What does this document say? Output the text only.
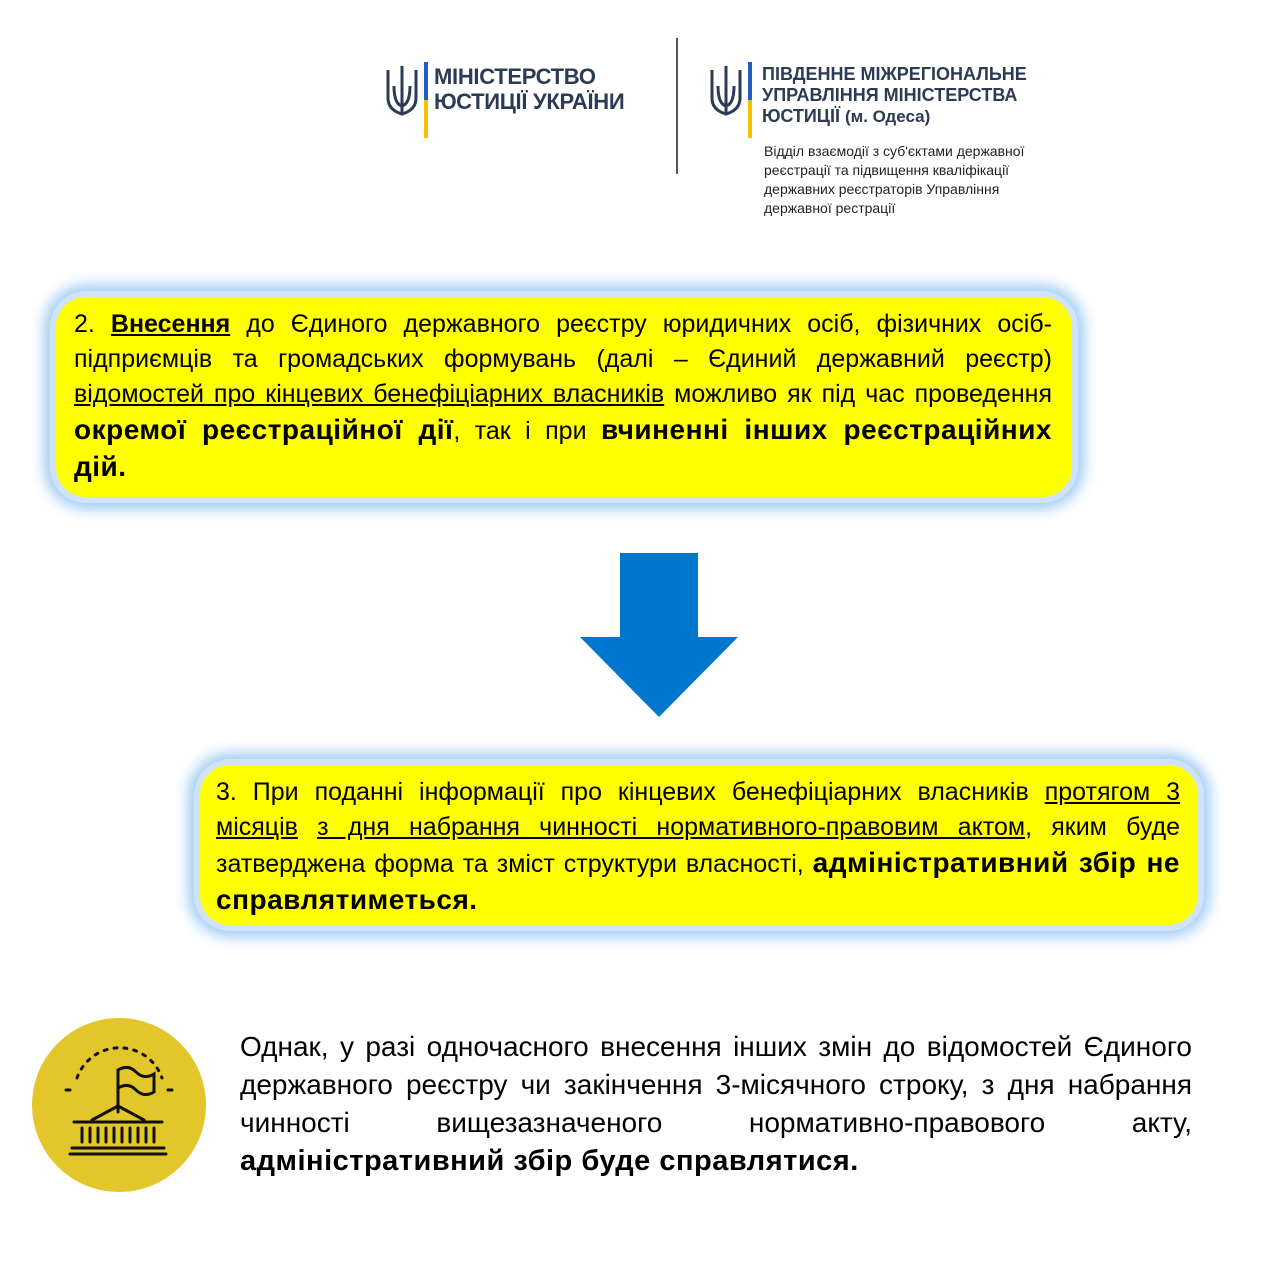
МІНІСТЕРСТВО
ЮСТИЦІЇ УКРАЇНИ
ПІВДЕННЕ МІЖРЕГІОНАЛЬНЕ
УПРАВЛІННЯ МІНІСТЕРСТВА
ЮСТИЦІЇ (м. Одеса)
Відділ взаємодії з суб'єктами державної
реєстрації та підвищення кваліфікації
державних реєстраторів Управління
державної рестрації
2. Внесення до Єдиного державного реєстру юридичних осіб, фізичних осіб-підприємців та громадських формувань (далі – Єдиний державний реєстр) відомостей про кінцевих бенефіціарних власників можливо як під час проведення окремої реєстраційної дії, так і при вчиненні інших реєстраційних дій.
3. При поданні інформації про кінцевих бенефіціарних власників протягом 3 місяців з дня набрання чинності нормативного-правовим актом, яким буде затверджена форма та зміст структури власності, адміністративний збір не справлятиметься.
Однак, у разі одночасного внесення інших змін до відомостей Єдиного державного реєстру чи закінчення 3-місячного строку, з дня набрання чинності вищезазначеного нормативно-правового акту, адміністративний збір буде справлятися.
